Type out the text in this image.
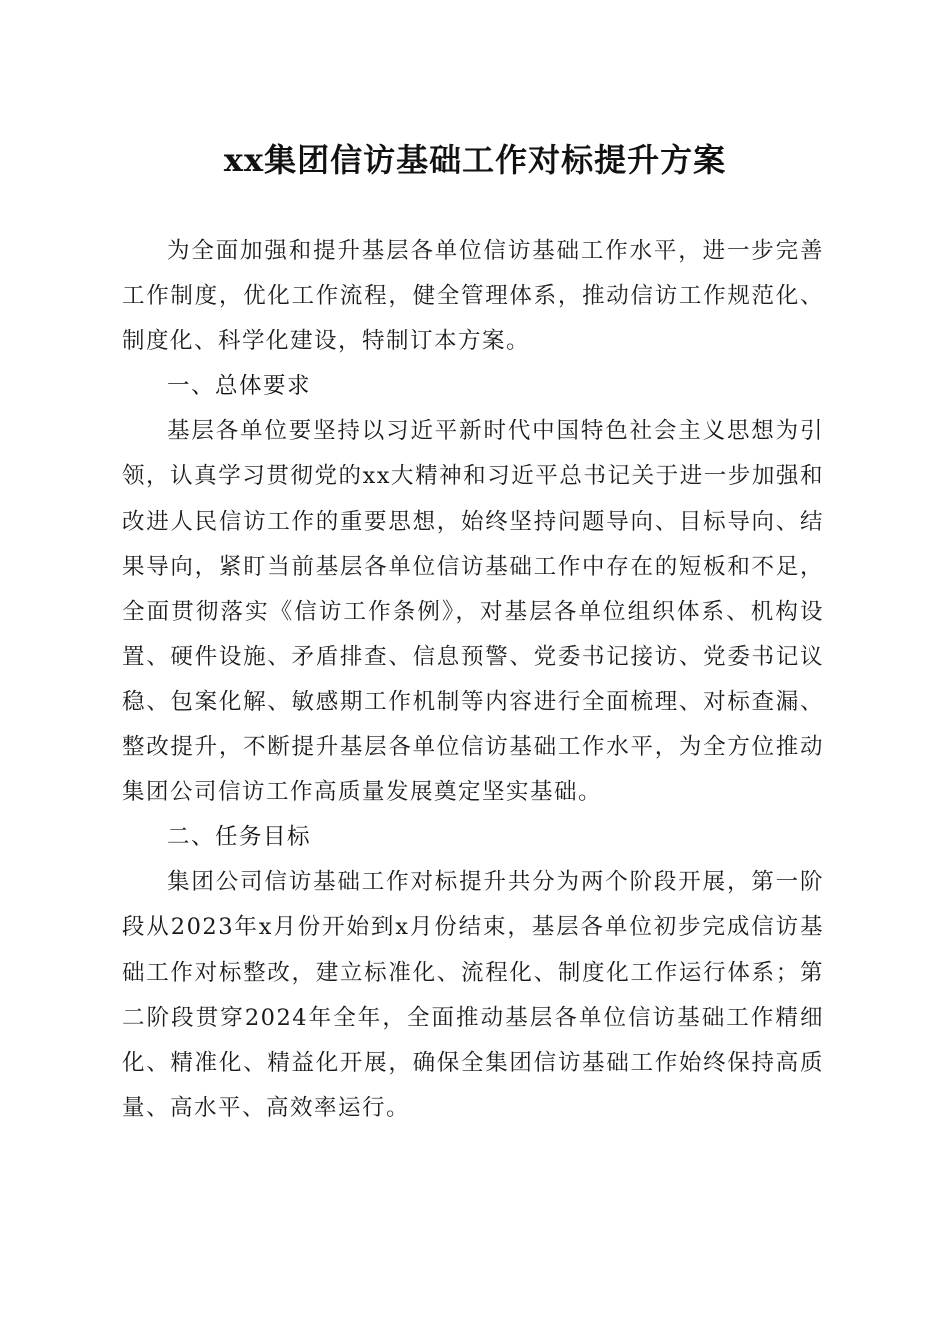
xx集团信访基础工作对标提升方案

为全面加强和提升基层各单位信访基础工作水平，进一步完善工作制度，优化工作流程，健全管理体系，推动信访工作规范化、制度化、科学化建设，特制订本方案。

一、总体要求

基层各单位要坚持以习近平新时代中国特色社会主义思想为引领，认真学习贯彻党的xx大精神和习近平总书记关于进一步加强和改进人民信访工作的重要思想，始终坚持问题导向、目标导向、结果导向，紧盯当前基层各单位信访基础工作中存在的短板和不足，全面贯彻落实《信访工作条例》，对基层各单位组织体系、机构设置、硬件设施、矛盾排查、信息预警、党委书记接访、党委书记议稳、包案化解、敏感期工作机制等内容进行全面梳理、对标查漏、整改提升，不断提升基层各单位信访基础工作水平，为全方位推动集团公司信访工作高质量发展奠定坚实基础。

二、任务目标

集团公司信访基础工作对标提升共分为两个阶段开展，第一阶段从2023年x月份开始到x月份结束，基层各单位初步完成信访基础工作对标整改，建立标准化、流程化、制度化工作运行体系；第二阶段贯穿2024年全年，全面推动基层各单位信访基础工作精细化、精准化、精益化开展，确保全集团信访基础工作始终保持高质量、高水平、高效率运行。
